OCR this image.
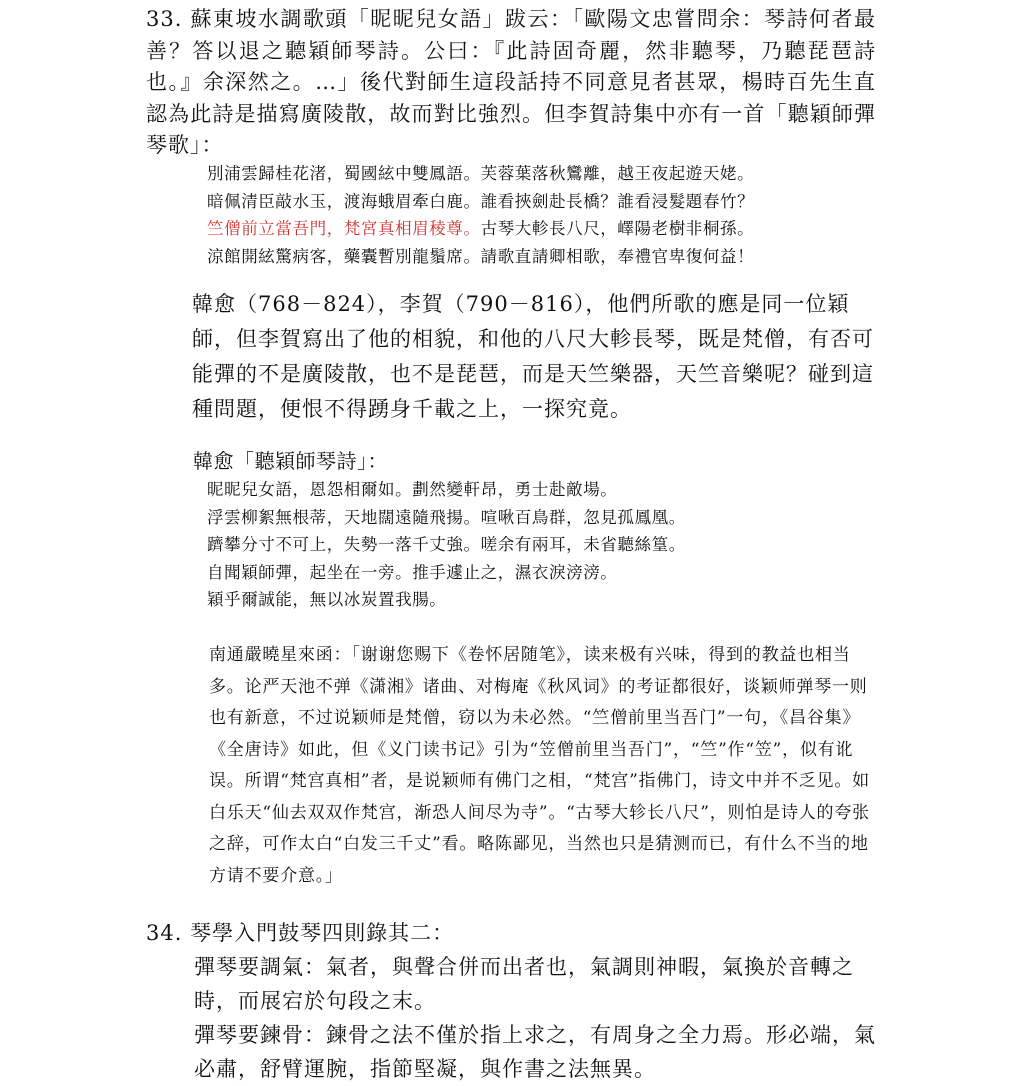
33. 蘇東坡水調歌頭「昵昵兒女語」跋云：「歐陽文忠嘗問余：琴詩何者最善？答以退之聽穎師琴詩。公曰：『此詩固奇麗，然非聽琴，乃聽琵琶詩也。』余深然之。…」後代對師生這段話持不同意見者甚眾，楊時百先生直認為此詩是描寫廣陵散，故而對比強烈。但李賀詩集中亦有一首「聽穎師彈琴歌」：
別浦雲歸桂花渚，蜀國絃中雙鳳語。芙蓉葉落秋鸞離，越王夜起遊天姥。
暗佩清臣敲水玉，渡海蛾眉牽白鹿。誰看挾劍赴長橋？誰看浸髮題春竹？
竺僧前立當吾門，梵宮真相眉稜尊。古琴大軫長八尺，嶧陽老樹非桐孫。
涼館開絃驚病客，藥囊暫別龍鬚席。請歌直請卿相歌，奉禮官卑復何益！
韓愈（768－824），李賀（790－816），他們所歌的應是同一位穎師，但李賀寫出了他的相貌，和他的八尺大軫長琴，既是梵僧，有否可能彈的不是廣陵散，也不是琵琶，而是天竺樂器，天竺音樂呢？碰到這種問題，便恨不得踴身千載之上，一探究竟。
韓愈「聽穎師琴詩」：
昵昵兒女語，恩怨相爾如。劃然變軒昂，勇士赴敵場。
浮雲柳絮無根蒂，天地闊遠隨飛揚。喧啾百鳥群，忽見孤鳳凰。
躋攀分寸不可上，失勢一落千丈強。嗟余有兩耳，未省聽絲篁。
自聞穎師彈，起坐在一旁。推手遽止之，濕衣淚滂滂。
穎乎爾誠能，無以冰炭置我腸。
南通嚴曉星來函：「谢谢您赐下《卷怀居随笔》，读来极有兴味，得到的教益也相当多。论严天池不弹《潇湘》诸曲、对梅庵《秋风词》的考证都很好，谈颖师弹琴一则也有新意，不过说颖师是梵僧，窃以为未必然。“竺僧前里当吾门”一句，《昌谷集》《全唐诗》如此，但《义门读书记》引为“笠僧前里当吾门”，“竺”作“笠”，似有讹误。所谓“梵宫真相”者，是说颖师有佛门之相，“梵宫”指佛门，诗文中并不乏见。如白乐天“仙去双双作梵宫，渐恐人间尽为寺”。“古琴大轸长八尺”，则怕是诗人的夸张之辞，可作太白“白发三千丈”看。略陈鄙见，当然也只是猜测而已，有什么不当的地方请不要介意。」
34. 琴學入門鼓琴四則錄其二：
彈琴要調氣：氣者，與聲合併而出者也，氣調則神暇，氣換於音轉之時，而展宕於句段之末。
彈琴要鍊骨：鍊骨之法不僅於指上求之，有周身之全力焉。形必端，氣必肅，舒臂運腕，指節堅凝，與作書之法無異。
